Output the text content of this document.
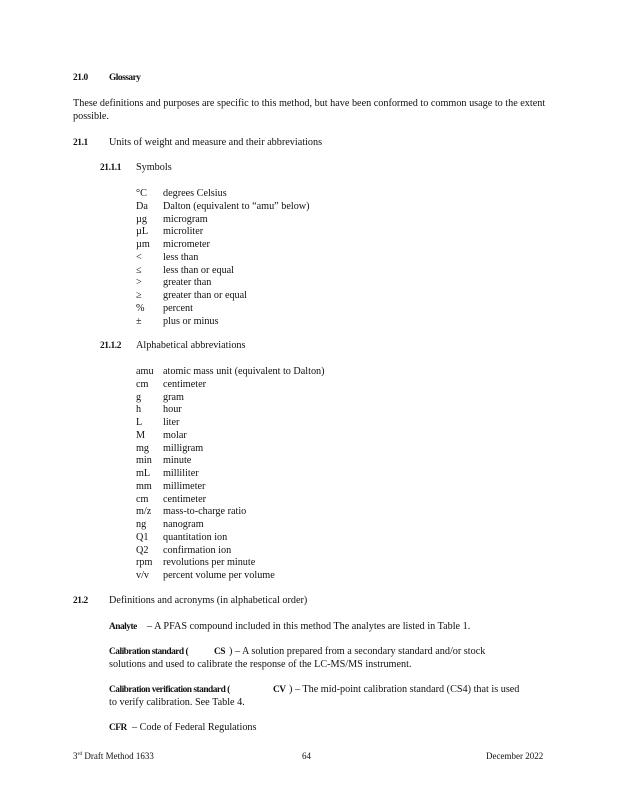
21.0 Glossary
These definitions and purposes are specific to this method, but have been conformed to common usage to the extent possible.
21.1 Units of weight and measure and their abbreviations
21.1.1 Symbols
°C	degrees Celsius
Da	Dalton (equivalent to “amu” below)
µg	microgram
µL	microliter
µm	micrometer
<	less than
≤	less than or equal
>	greater than
≥	greater than or equal
%	percent
±	plus or minus
21.1.2 Alphabetical abbreviations
amu atomic mass unit (equivalent to Dalton)
cm	centimeter
g	gram
h	hour
L	liter
M	molar
mg	milligram
min	minute
mL	milliliter
mm	millimeter
cm	centimeter
m/z	mass-to-charge ratio
ng	nanogram
Q1	quantitation ion
Q2	confirmation ion
rpm	revolutions per minute
v/v	percent volume per volume
21.2 Definitions and acronyms (in alphabetical order)
Analyte – A PFAS compound included in this method The analytes are listed in Table 1.
Calibration standard (	CS ) – A solution prepared from a secondary standard and/or stock
solutions and used to calibrate the response of the LC-MS/MS instrument.
Calibration verification standard (	CV ) – The mid-point calibration standard (CS4) that is used
to verify calibration. See Table 4.
CFR – Code of Federal Regulations
3rd Draft Method 1633	64	December 2022
